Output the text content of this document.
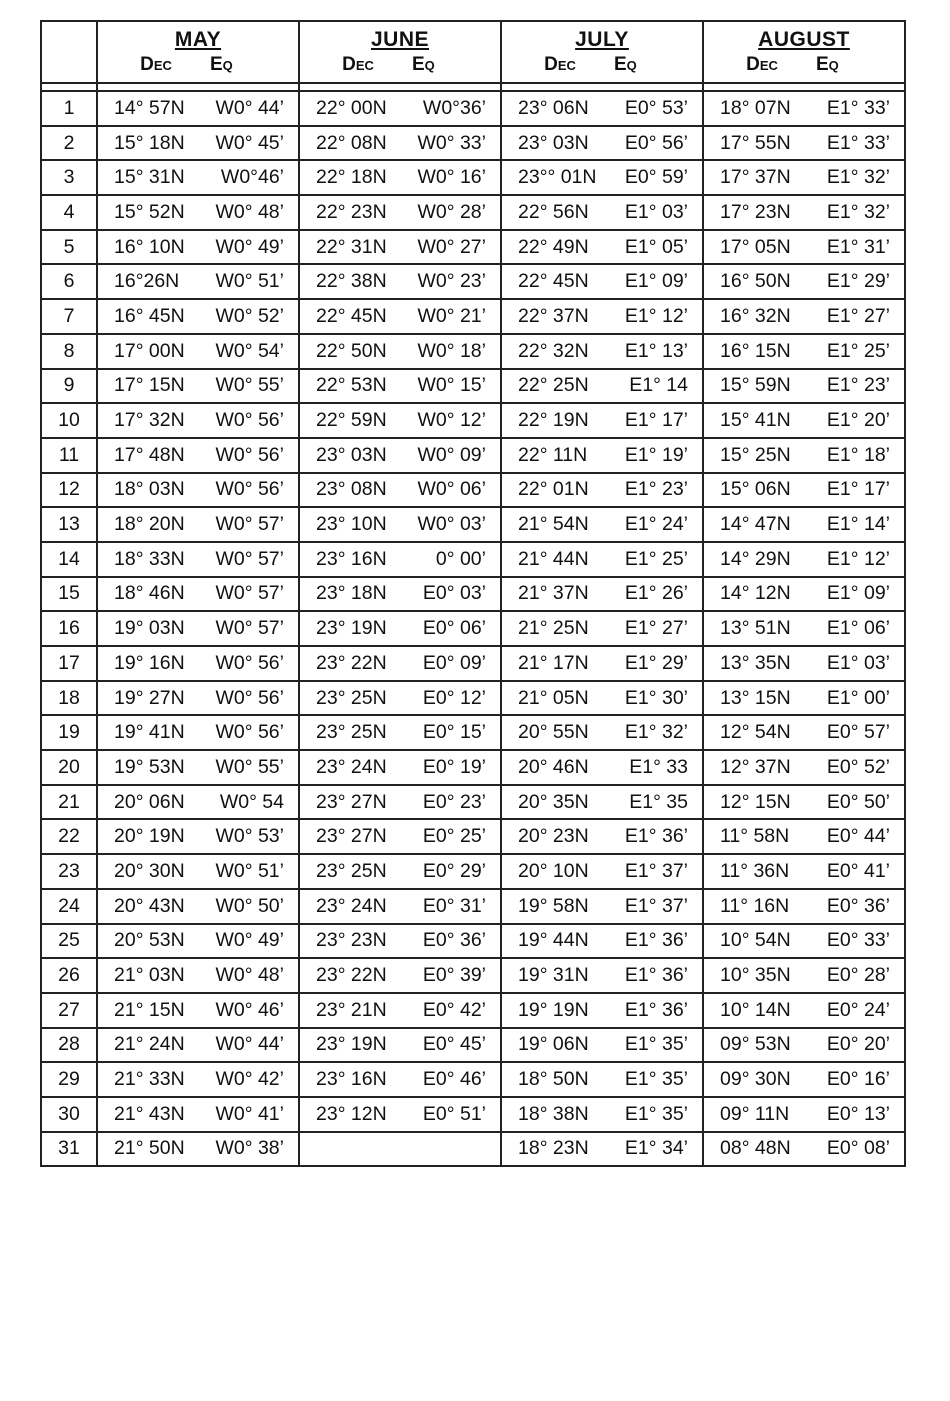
	MAY
Dec Eq	JUNE
Dec Eq	JULY
Dec Eq	AUGUST
Dec Eq

1	14° 57N W0° 44’	22° 00N W0°36’	23° 06N E0° 53’	18° 07N E1° 33’

2	15° 18N W0° 45’	22° 08N W0° 33’	23° 03N E0° 56’	17° 55N E1° 33’

3	15° 31N W0°46’	22° 18N W0° 16’	23°° 01N E0° 59’	17° 37N E1° 32’

4	15° 52N W0° 48’	22° 23N W0° 28’	22° 56N E1° 03’	17° 23N E1° 32’

5	16° 10N W0° 49’	22° 31N W0° 27’	22° 49N E1° 05’	17° 05N E1° 31’

6	16°26N W0° 51’	22° 38N W0° 23’	22° 45N E1° 09’	16° 50N E1° 29’

7	16° 45N W0° 52’	22° 45N W0° 21’	22° 37N E1° 12’	16° 32N E1° 27’

8	17° 00N W0° 54’	22° 50N W0° 18’	22° 32N E1° 13’	16° 15N E1° 25’

9	17° 15N W0° 55’	22° 53N W0° 15’	22° 25N E1° 14	15° 59N E1° 23’

10	17° 32N W0° 56’	22° 59N W0° 12’	22° 19N E1° 17’	15° 41N E1° 20’

11	17° 48N W0° 56’	23° 03N W0° 09’	22° 11N E1° 19’	15° 25N E1° 18’

12	18° 03N W0° 56’	23° 08N W0° 06’	22° 01N E1° 23’	15° 06N E1° 17’

13	18° 20N W0° 57’	23° 10N W0° 03’	21° 54N E1° 24’	14° 47N E1° 14’

14	18° 33N W0° 57’	23° 16N 0° 00’	21° 44N E1° 25’	14° 29N E1° 12’

15	18° 46N W0° 57’	23° 18N E0° 03’	21° 37N E1° 26’	14° 12N E1° 09’

16	19° 03N W0° 57’	23° 19N E0° 06’	21° 25N E1° 27’	13° 51N E1° 06’

17	19° 16N W0° 56’	23° 22N E0° 09’	21° 17N E1° 29’	13° 35N E1° 03’

18	19° 27N W0° 56’	23° 25N E0° 12’	21° 05N E1° 30’	13° 15N E1° 00’

19	19° 41N W0° 56’	23° 25N E0° 15’	20° 55N E1° 32’	12° 54N E0° 57’

20	19° 53N W0° 55’	23° 24N E0° 19’	20° 46N E1° 33	12° 37N E0° 52’

21	20° 06N W0° 54	23° 27N E0° 23’	20° 35N E1° 35	12° 15N E0° 50’

22	20° 19N W0° 53’	23° 27N E0° 25’	20° 23N E1° 36’	11° 58N E0° 44’

23	20° 30N W0° 51’	23° 25N E0° 29’	20° 10N E1° 37’	11° 36N E0° 41’

24	20° 43N W0° 50’	23° 24N E0° 31’	19° 58N E1° 37’	11° 16N E0° 36’

25	20° 53N W0° 49’	23° 23N E0° 36’	19° 44N E1° 36’	10° 54N E0° 33’

26	21° 03N W0° 48’	23° 22N E0° 39’	19° 31N E1° 36’	10° 35N E0° 28’

27	21° 15N W0° 46’	23° 21N E0° 42’	19° 19N E1° 36’	10° 14N E0° 24’

28	21° 24N W0° 44’	23° 19N E0° 45’	19° 06N E1° 35’	09° 53N E0° 20’

29	21° 33N W0° 42’	23° 16N E0° 46’	18° 50N E1° 35’	09° 30N E0° 16’

30	21° 43N W0° 41’	23° 12N E0° 51’	18° 38N E1° 35’	09° 11N E0° 13’

31	21° 50N W0° 38’		18° 23N E1° 34’	08° 48N E0° 08’
